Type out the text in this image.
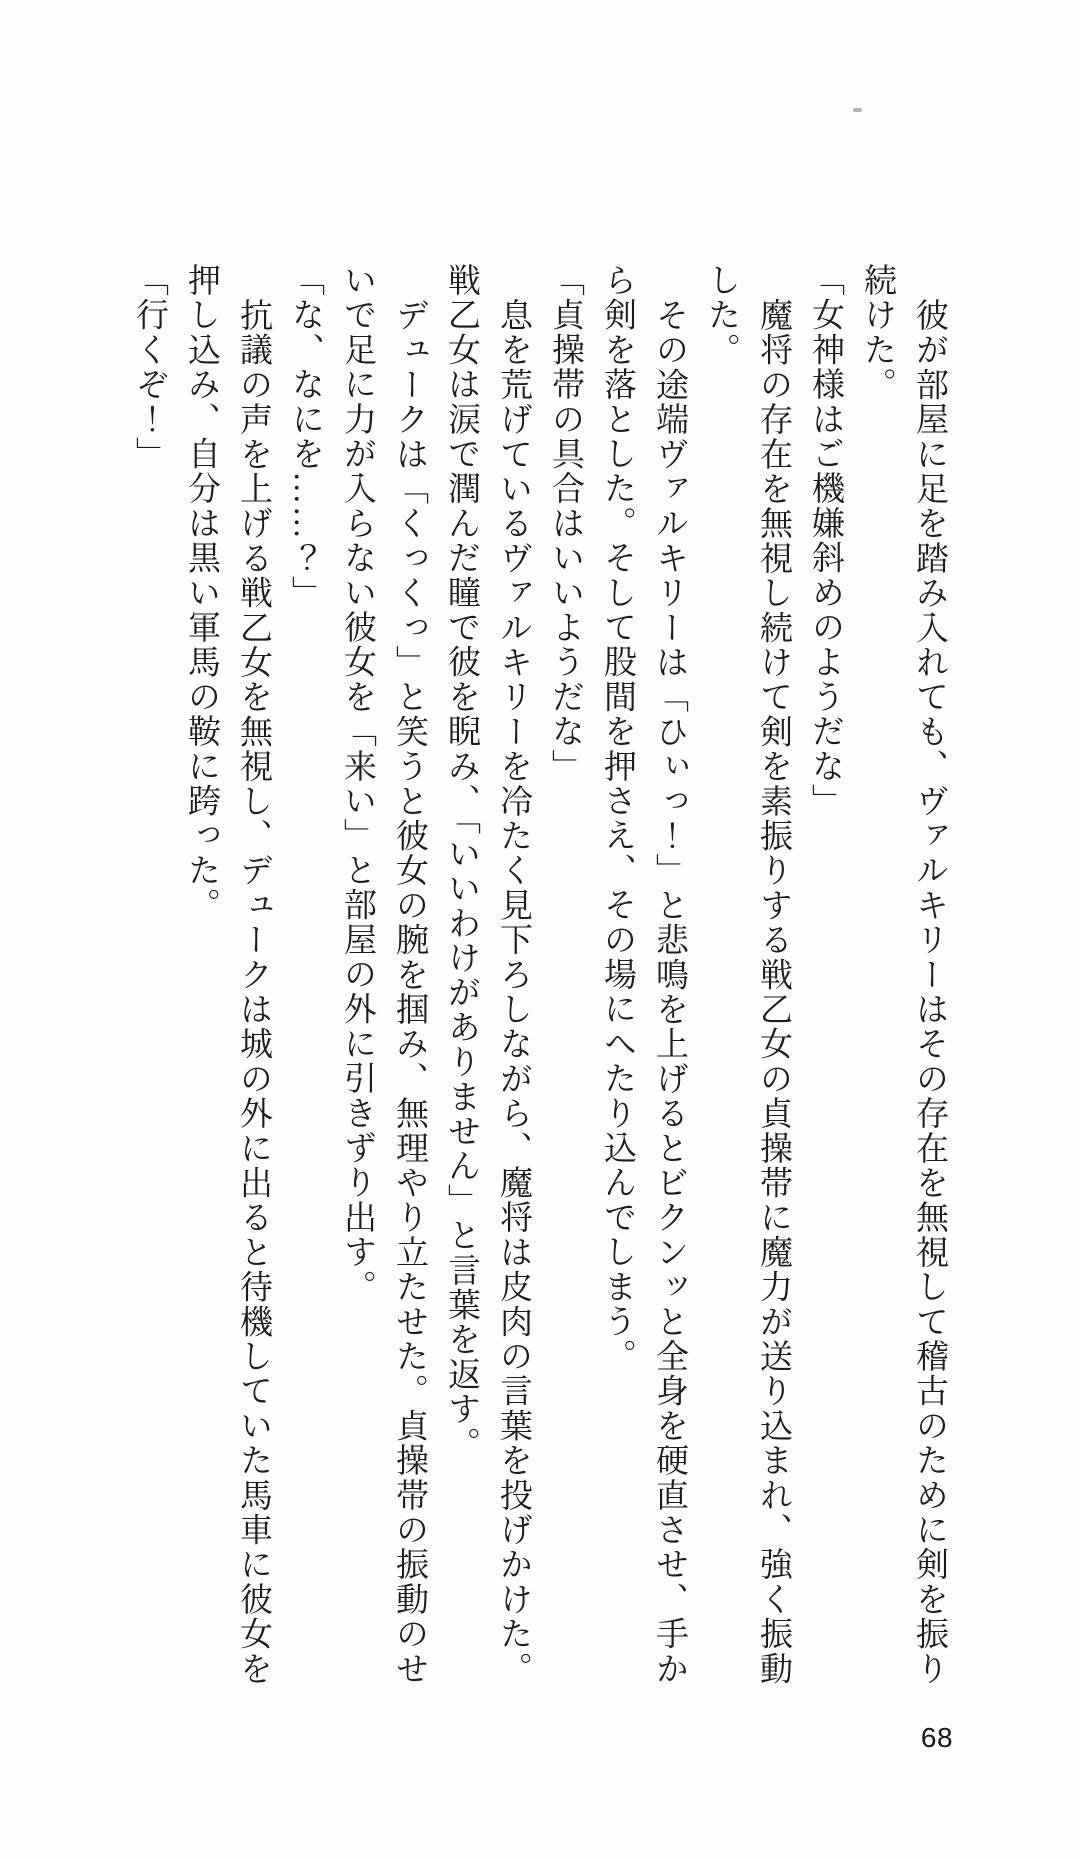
彼が部屋に足を踏み入れても、ヴァルキリーはその存在を無視して稽古のために剣を振り続けた。

「女神様はご機嫌斜めのようだな」

魔将の存在を無視し続けて剣を素振りする戦乙女の貞操帯に魔力が送り込まれ、強く振動した。

その途端ヴァルキリーは「ひぃっ！」と悲鳴を上げるとビクンッと全身を硬直させ、手から剣を落とした。そして股間を押さえ、その場にへたり込んでしまう。

「貞操帯の具合はいいようだな」

息を荒げているヴァルキリーを冷たく見下ろしながら、魔将は皮肉の言葉を投げかけた。

戦乙女は涙で潤んだ瞳で彼を睨み、「いいわけがありません」と言葉を返す。

デュークは「くっくっ」と笑うと彼女の腕を掴み、無理やり立たせた。貞操帯の振動のせいで足に力が入らない彼女を「来い」と部屋の外に引きずり出す。

「な、なにを……？」

抗議の声を上げる戦乙女を無視し、デュークは城の外に出ると待機していた馬車に彼女を押し込み、自分は黒い軍馬の鞍に跨った。

「行くぞ！」

68
